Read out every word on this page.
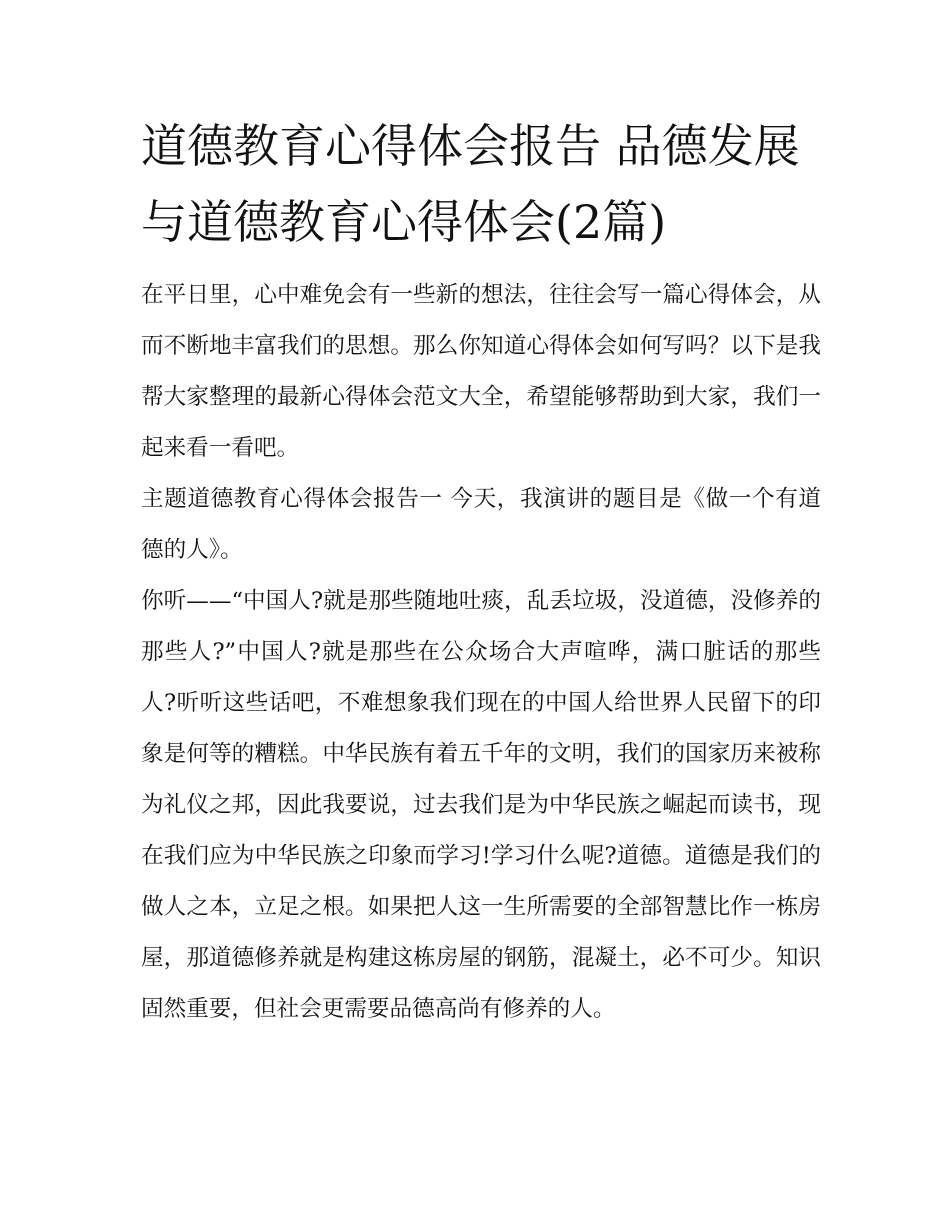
道德教育心得体会报告 品德发展与道德教育心得体会(2篇)

在平日里，心中难免会有一些新的想法，往往会写一篇心得体会，从而不断地丰富我们的思想。那么你知道心得体会如何写吗？以下是我帮大家整理的最新心得体会范文大全，希望能够帮助到大家，我们一起来看一看吧。

主题道德教育心得体会报告一 今天，我演讲的题目是《做一个有道德的人》。

你听——“中国人?就是那些随地吐痰，乱丢垃圾，没道德，没修养的那些人?”中国人?就是那些在公众场合大声喧哗，满口脏话的那些人?听听这些话吧，不难想象我们现在的中国人给世界人民留下的印象是何等的糟糕。中华民族有着五千年的文明，我们的国家历来被称为礼仪之邦，因此我要说，过去我们是为中华民族之崛起而读书，现在我们应为中华民族之印象而学习!学习什么呢?道德。道德是我们的做人之本，立足之根。如果把人这一生所需要的全部智慧比作一栋房屋，那道德修养就是构建这栋房屋的钢筋，混凝土，必不可少。知识固然重要，但社会更需要品德高尚有修养的人。
